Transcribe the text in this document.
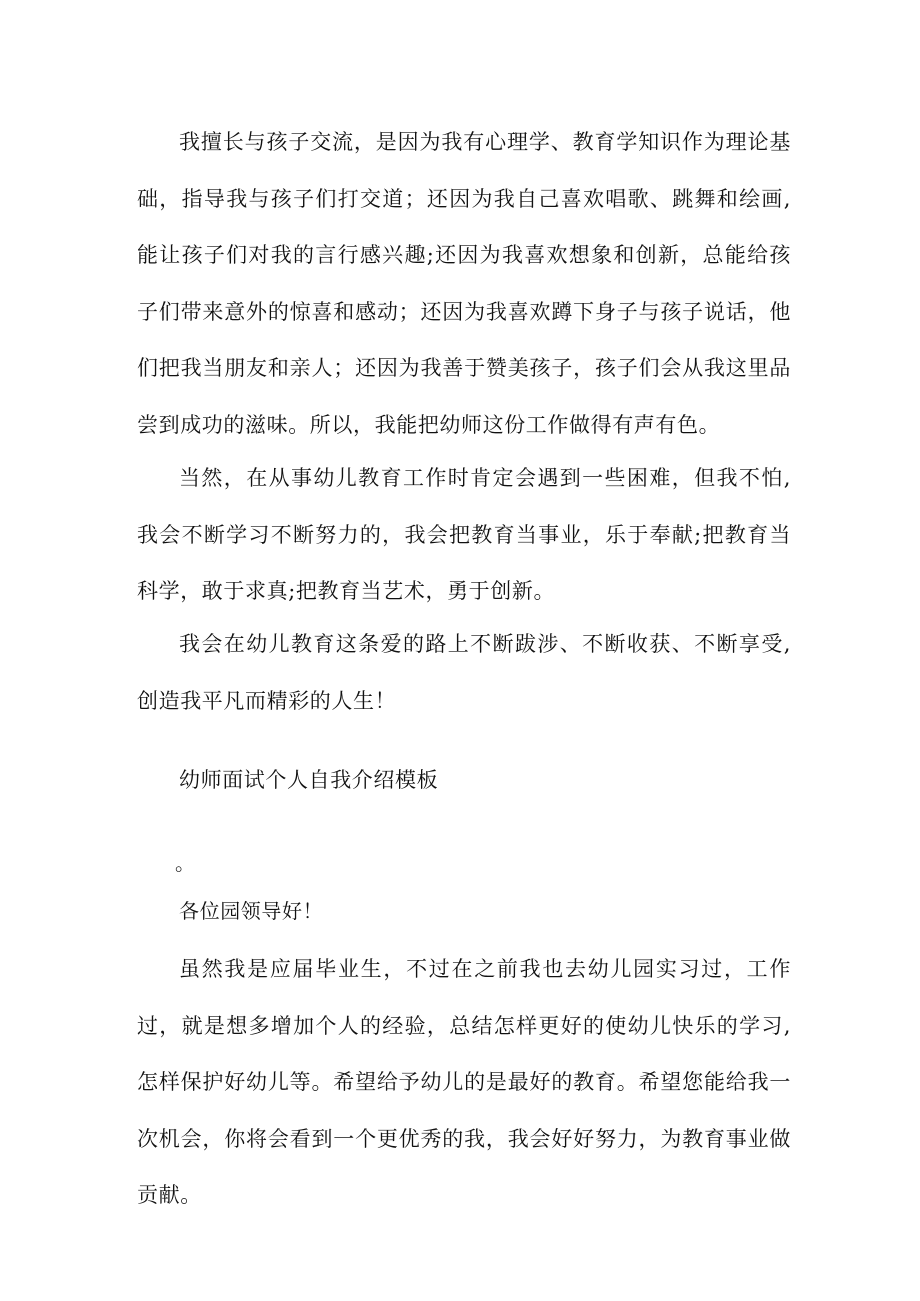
我擅长与孩子交流，是因为我有心理学、教育学知识作为理论基础，指导我与孩子们打交道；还因为我自己喜欢唱歌、跳舞和绘画,能让孩子们对我的言行感兴趣;还因为我喜欢想象和创新，总能给孩子们带来意外的惊喜和感动；还因为我喜欢蹲下身子与孩子说话，他们把我当朋友和亲人；还因为我善于赞美孩子，孩子们会从我这里品尝到成功的滋味。所以，我能把幼师这份工作做得有声有色。

当然，在从事幼儿教育工作时肯定会遇到一些困难，但我不怕,我会不断学习不断努力的，我会把教育当事业，乐于奉献;把教育当科学，敢于求真;把教育当艺术，勇于创新。

我会在幼儿教育这条爱的路上不断跋涉、不断收获、不断享受,创造我平凡而精彩的人生！

幼师面试个人自我介绍模板

。

各位园领导好！

虽然我是应届毕业生，不过在之前我也去幼儿园实习过，工作过，就是想多增加个人的经验，总结怎样更好的使幼儿快乐的学习,怎样保护好幼儿等。希望给予幼儿的是最好的教育。希望您能给我一次机会，你将会看到一个更优秀的我，我会好好努力，为教育事业做贡献。
